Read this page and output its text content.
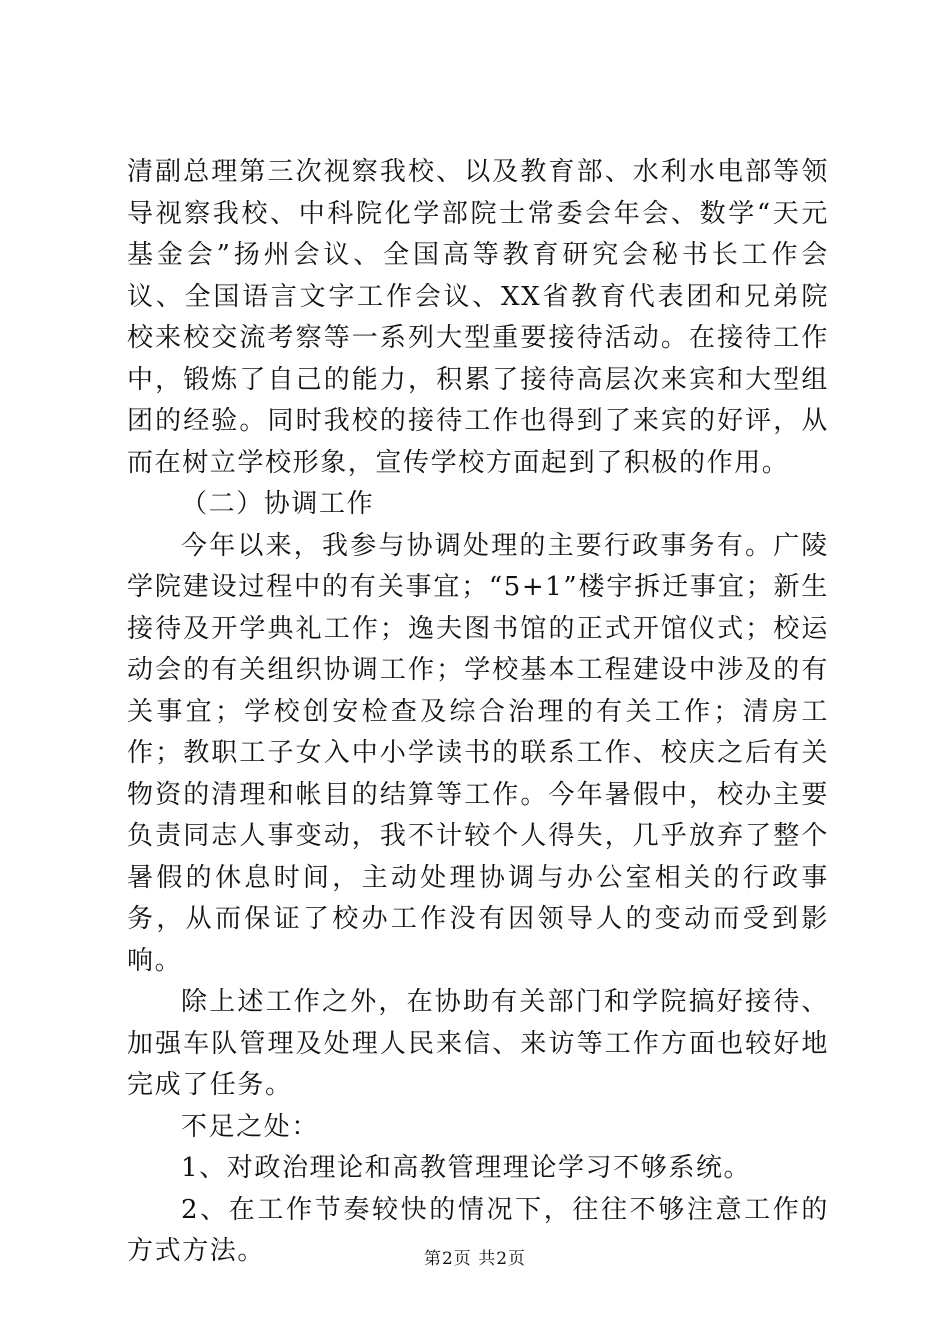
清副总理第三次视察我校、以及教育部、水利水电部等领导视察我校、中科院化学部院士常委会年会、数学“天元基金会”扬州会议、全国高等教育研究会秘书长工作会议、全国语言文字工作会议、XX省教育代表团和兄弟院校来校交流考察等一系列大型重要接待活动。在接待工作中，锻炼了自己的能力，积累了接待高层次来宾和大型组团的经验。同时我校的接待工作也得到了来宾的好评，从而在树立学校形象，宣传学校方面起到了积极的作用。

（二）协调工作

今年以来，我参与协调处理的主要行政事务有。广陵学院建设过程中的有关事宜；“5+1”楼宇拆迁事宜；新生接待及开学典礼工作；逸夫图书馆的正式开馆仪式；校运动会的有关组织协调工作；学校基本工程建设中涉及的有关事宜；学校创安检查及综合治理的有关工作；清房工作；教职工子女入中小学读书的联系工作、校庆之后有关物资的清理和帐目的结算等工作。今年暑假中，校办主要负责同志人事变动，我不计较个人得失，几乎放弃了整个暑假的休息时间，主动处理协调与办公室相关的行政事务，从而保证了校办工作没有因领导人的变动而受到影响。

除上述工作之外，在协助有关部门和学院搞好接待、加强车队管理及处理人民来信、来访等工作方面也较好地完成了任务。

不足之处：

1、对政治理论和高教管理理论学习不够系统。

2、在工作节奏较快的情况下，往往不够注意工作的方式方法。	第2页 共2页
